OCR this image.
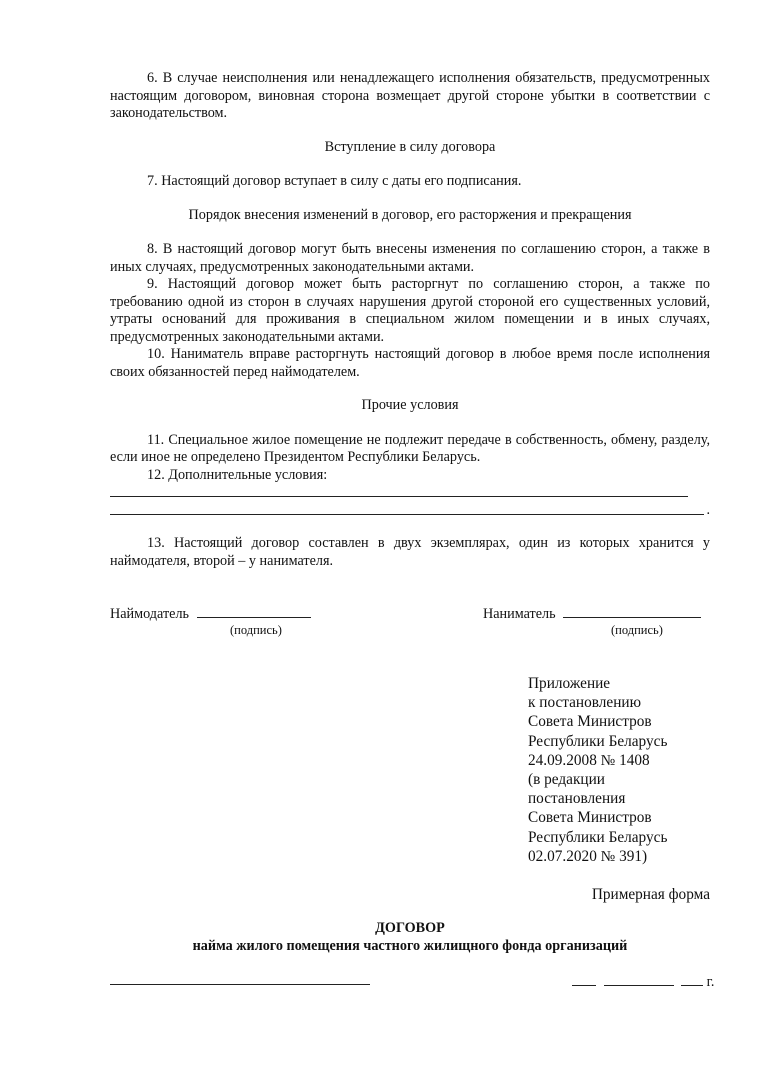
6. В случае неисполнения или ненадлежащего исполнения обязательств, предусмотренных настоящим договором, виновная сторона возмещает другой стороне убытки в соответствии с законодательством.

Вступление в силу договора

7. Настоящий договор вступает в силу с даты его подписания.

Порядок внесения изменений в договор, его расторжения и прекращения

8. В настоящий договор могут быть внесены изменения по соглашению сторон, а также в иных случаях, предусмотренных законодательными актами.

9. Настоящий договор может быть расторгнут по соглашению сторон, а также по требованию одной из сторон в случаях нарушения другой стороной его существенных условий, утраты оснований для проживания в специальном жилом помещении и в иных случаях, предусмотренных законодательными актами.

10. Наниматель вправе расторгнуть настоящий договор в любое время после исполнения своих обязанностей перед наймодателем.

Прочие условия

11. Специальное жилое помещение не подлежит передаче в собственность, обмену, разделу, если иное не определено Президентом Республики Беларусь.

12. Дополнительные условия:

.

13. Настоящий договор составлен в двух экземплярах, один из которых хранится у наймодателя, второй – у нанимателя.

Наймодатель
(подпись)
Наниматель
(подпись)
Приложение
к постановлению
Совета Министров
Республики Беларусь
24.09.2008 № 1408
(в редакции
постановления
Совета Министров
Республики Беларусь
02.07.2020 № 391)
Примерная форма
ДОГОВОР
найма жилого помещения частного жилищного фонда организаций
г.
